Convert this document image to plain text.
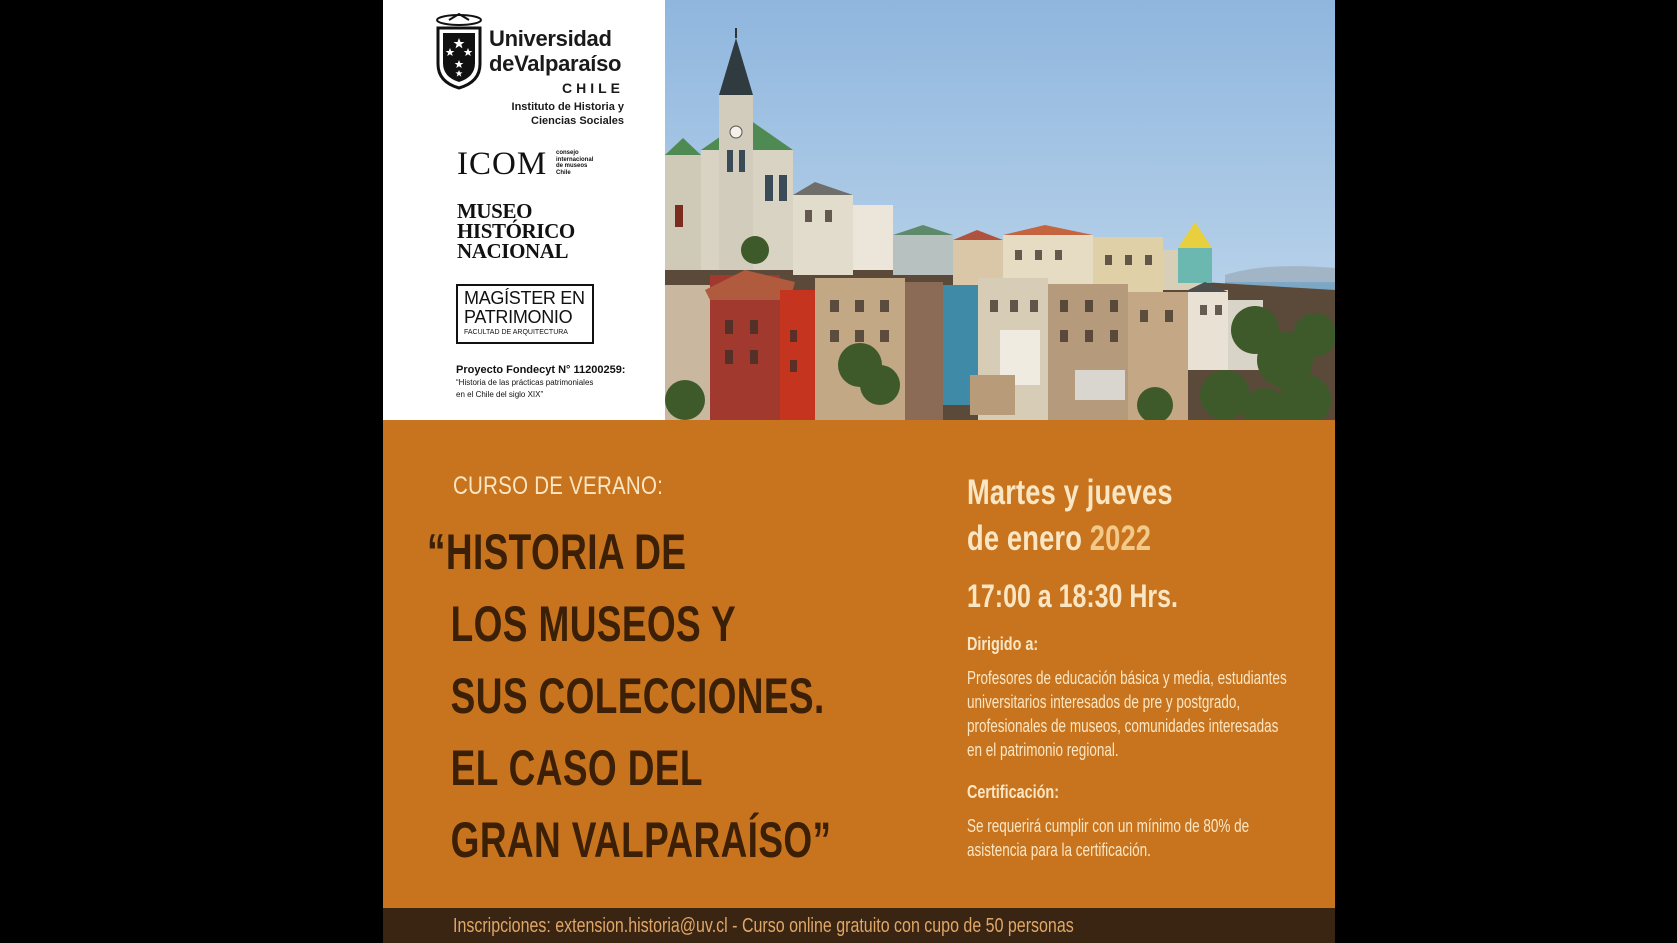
Universidad
deValparaíso
CHILE
Instituto de Historia y
Ciencias Sociales
ICOM consejo
internacional
de museos
Chile
MUSEO
HISTÓRICO
NACIONAL
MAGÍSTER EN
PATRIMONIO
FACULTAD DE ARQUITECTURA
Proyecto Fondecyt N° 11200259:
“Historia de las prácticas patrimoniales
en el Chile del siglo XIX”
CURSO DE VERANO:
“HISTORIA DE
LOS MUSEOS Y
SUS COLECCIONES.
EL CASO DEL
GRAN VALPARAÍSO”
Martes y jueves
de enero 2022
17:00 a 18:30 Hrs.
Dirigido a:
Profesores de educación básica y media, estudiantes universitarios interesados de pre y postgrado, profesionales de museos, comunidades interesadas en el patrimonio regional.
Certificación:
Se requerirá cumplir con un mínimo de 80% de asistencia para la certificación.
Inscripciones: extension.historia@uv.cl - Curso online gratuito con cupo de 50 personas
